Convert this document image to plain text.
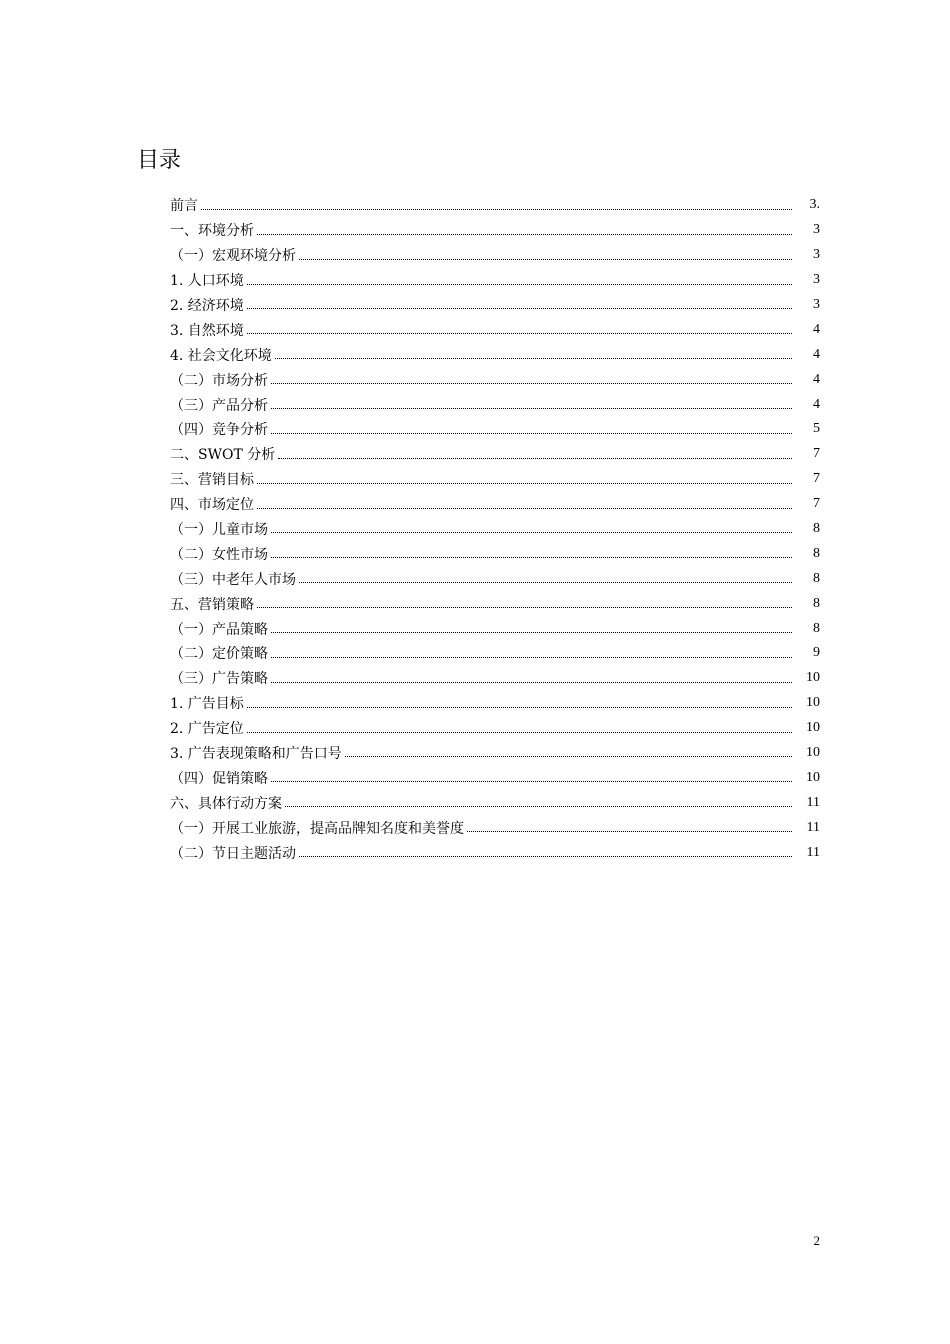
目录
前言	3.
一、环境分析	3
（一）宏观环境分析	3
1. 人口环境	3
2. 经济环境	3
3. 自然环境	4
4. 社会文化环境	4
（二）市场分析	4
（三）产品分析	4
（四）竞争分析	5
二、SWOT 分析	7
三、营销目标	7
四、市场定位	7
（一）儿童市场	8
（二）女性市场	8
（三）中老年人市场	8
五、营销策略	8
（一）产品策略	8
（二）定价策略	9
（三）广告策略	10
1. 广告目标	10
2. 广告定位	10
3. 广告表现策略和广告口号	10
（四）促销策略	10
六、具体行动方案	11
（一）开展工业旅游，提高品牌知名度和美誉度	11
（二）节日主题活动	11
2
